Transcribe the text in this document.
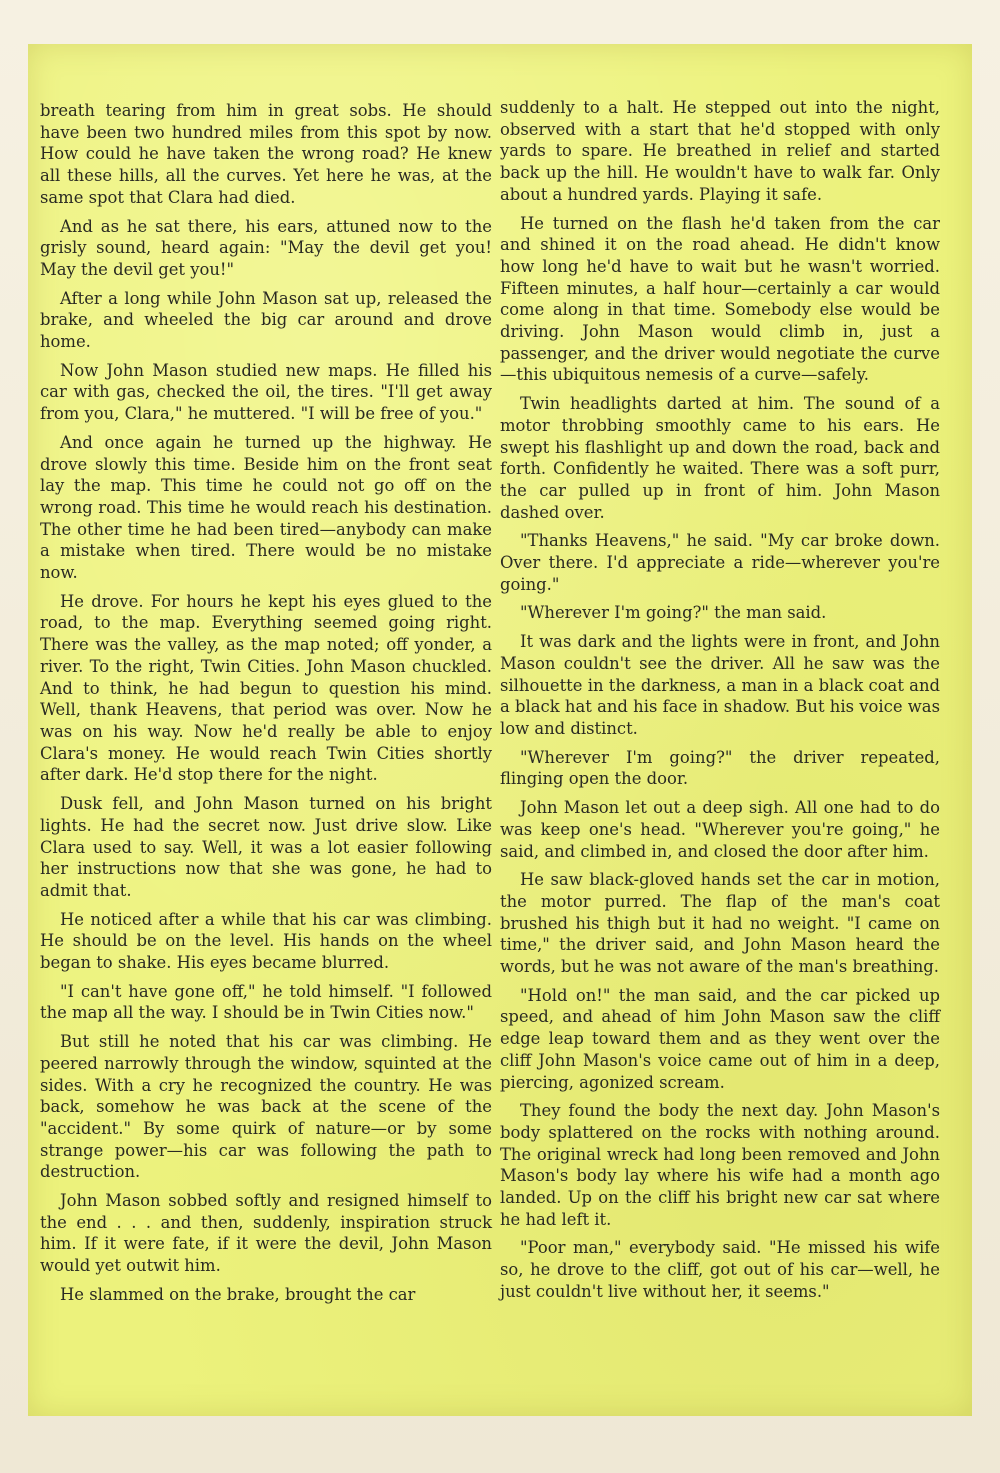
breath tearing from him in great sobs. He should have been two hundred miles from this spot by now. How could he have taken the wrong road? He knew all these hills, all the curves. Yet here he was, at the same spot that Clara had died.

And as he sat there, his ears, attuned now to the grisly sound, heard again: "May the devil get you! May the devil get you!"

After a long while John Mason sat up, released the brake, and wheeled the big car around and drove home.

Now John Mason studied new maps. He filled his car with gas, checked the oil, the tires. "I'll get away from you, Clara," he muttered. "I will be free of you."

And once again he turned up the highway. He drove slowly this time. Beside him on the front seat lay the map. This time he could not go off on the wrong road. This time he would reach his destination. The other time he had been tired—anybody can make a mistake when tired. There would be no mistake now.

He drove. For hours he kept his eyes glued to the road, to the map. Everything seemed going right. There was the valley, as the map noted; off yonder, a river. To the right, Twin Cities. John Mason chuckled. And to think, he had begun to question his mind. Well, thank Heavens, that period was over. Now he was on his way. Now he'd really be able to enjoy Clara's money. He would reach Twin Cities shortly after dark. He'd stop there for the night.

Dusk fell, and John Mason turned on his bright lights. He had the secret now. Just drive slow. Like Clara used to say. Well, it was a lot easier following her instructions now that she was gone, he had to admit that.

He noticed after a while that his car was climbing. He should be on the level. His hands on the wheel began to shake. His eyes became blurred.

"I can't have gone off," he told himself. "I followed the map all the way. I should be in Twin Cities now."

But still he noted that his car was climbing. He peered narrowly through the window, squinted at the sides. With a cry he recognized the country. He was back, somehow he was back at the scene of the "accident." By some quirk of nature—or by some strange power—his car was following the path to destruction.

John Mason sobbed softly and resigned himself to the end . . . and then, suddenly, inspiration struck him. If it were fate, if it were the devil, John Mason would yet outwit him.

He slammed on the brake, brought the car

suddenly to a halt. He stepped out into the night, observed with a start that he'd stopped with only yards to spare. He breathed in relief and started back up the hill. He wouldn't have to walk far. Only about a hundred yards. Playing it safe.

He turned on the flash he'd taken from the car and shined it on the road ahead. He didn't know how long he'd have to wait but he wasn't worried. Fifteen minutes, a half hour—certainly a car would come along in that time. Somebody else would be driving. John Mason would climb in, just a passenger, and the driver would negotiate the curve—this ubiquitous nemesis of a curve—safely.

Twin headlights darted at him. The sound of a motor throbbing smoothly came to his ears. He swept his flashlight up and down the road, back and forth. Confidently he waited. There was a soft purr, the car pulled up in front of him. John Mason dashed over.

"Thanks Heavens," he said. "My car broke down. Over there. I'd appreciate a ride—wherever you're going."

"Wherever I'm going?" the man said.

It was dark and the lights were in front, and John Mason couldn't see the driver. All he saw was the silhouette in the darkness, a man in a black coat and a black hat and his face in shadow. But his voice was low and distinct.

"Wherever I'm going?" the driver repeated, flinging open the door.

John Mason let out a deep sigh. All one had to do was keep one's head. "Wherever you're going," he said, and climbed in, and closed the door after him.

He saw black-gloved hands set the car in motion, the motor purred. The flap of the man's coat brushed his thigh but it had no weight. "I came on time," the driver said, and John Mason heard the words, but he was not aware of the man's breathing.

"Hold on!" the man said, and the car picked up speed, and ahead of him John Mason saw the cliff edge leap toward them and as they went over the cliff John Mason's voice came out of him in a deep, piercing, agonized scream.

They found the body the next day. John Mason's body splattered on the rocks with nothing around. The original wreck had long been removed and John Mason's body lay where his wife had a month ago landed. Up on the cliff his bright new car sat where he had left it.

"Poor man," everybody said. "He missed his wife so, he drove to the cliff, got out of his car—well, he just couldn't live without her, it seems."
